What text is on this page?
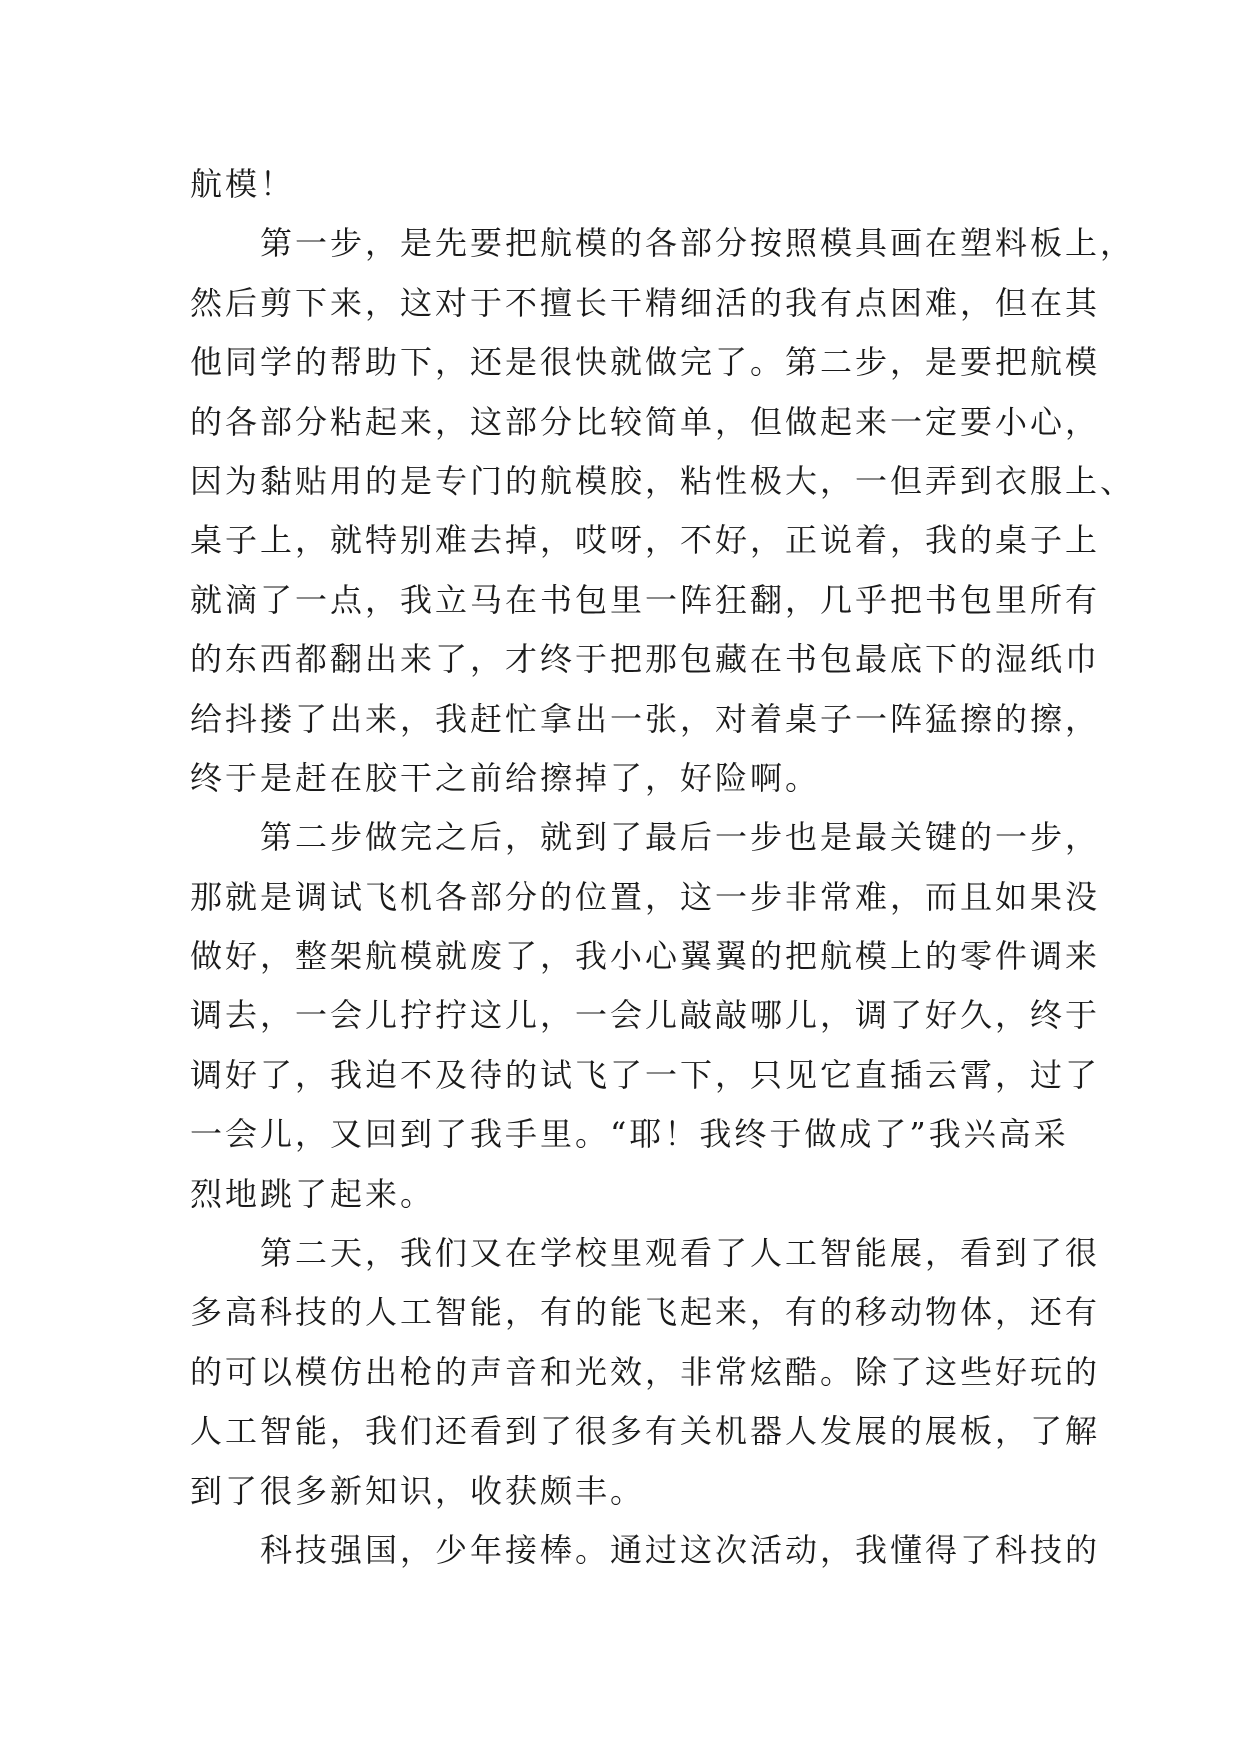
航模！

第一步，是先要把航模的各部分按照模具画在塑料板上，
然后剪下来，这对于不擅长干精细活的我有点困难，但在其
他同学的帮助下，还是很快就做完了。第二步，是要把航模
的各部分粘起来，这部分比较简单，但做起来一定要小心，
因为黏贴用的是专门的航模胶，粘性极大，一但弄到衣服上、
桌子上，就特别难去掉，哎呀，不好，正说着，我的桌子上
就滴了一点，我立马在书包里一阵狂翻，几乎把书包里所有
的东西都翻出来了，才终于把那包藏在书包最底下的湿纸巾
给抖搂了出来，我赶忙拿出一张，对着桌子一阵猛擦的擦，
终于是赶在胶干之前给擦掉了，好险啊。

第二步做完之后，就到了最后一步也是最关键的一步，
那就是调试飞机各部分的位置，这一步非常难，而且如果没
做好，整架航模就废了，我小心翼翼的把航模上的零件调来
调去，一会儿拧拧这儿，一会儿敲敲哪儿，调了好久，终于
调好了，我迫不及待的试飞了一下，只见它直插云霄，过了
一会儿，又回到了我手里。“耶！我终于做成了”我兴高采
烈地跳了起来。

第二天，我们又在学校里观看了人工智能展，看到了很
多高科技的人工智能，有的能飞起来，有的移动物体，还有
的可以模仿出枪的声音和光效，非常炫酷。除了这些好玩的
人工智能，我们还看到了很多有关机器人发展的展板，了解
到了很多新知识，收获颇丰。

科技强国，少年接棒。通过这次活动，我懂得了科技的
